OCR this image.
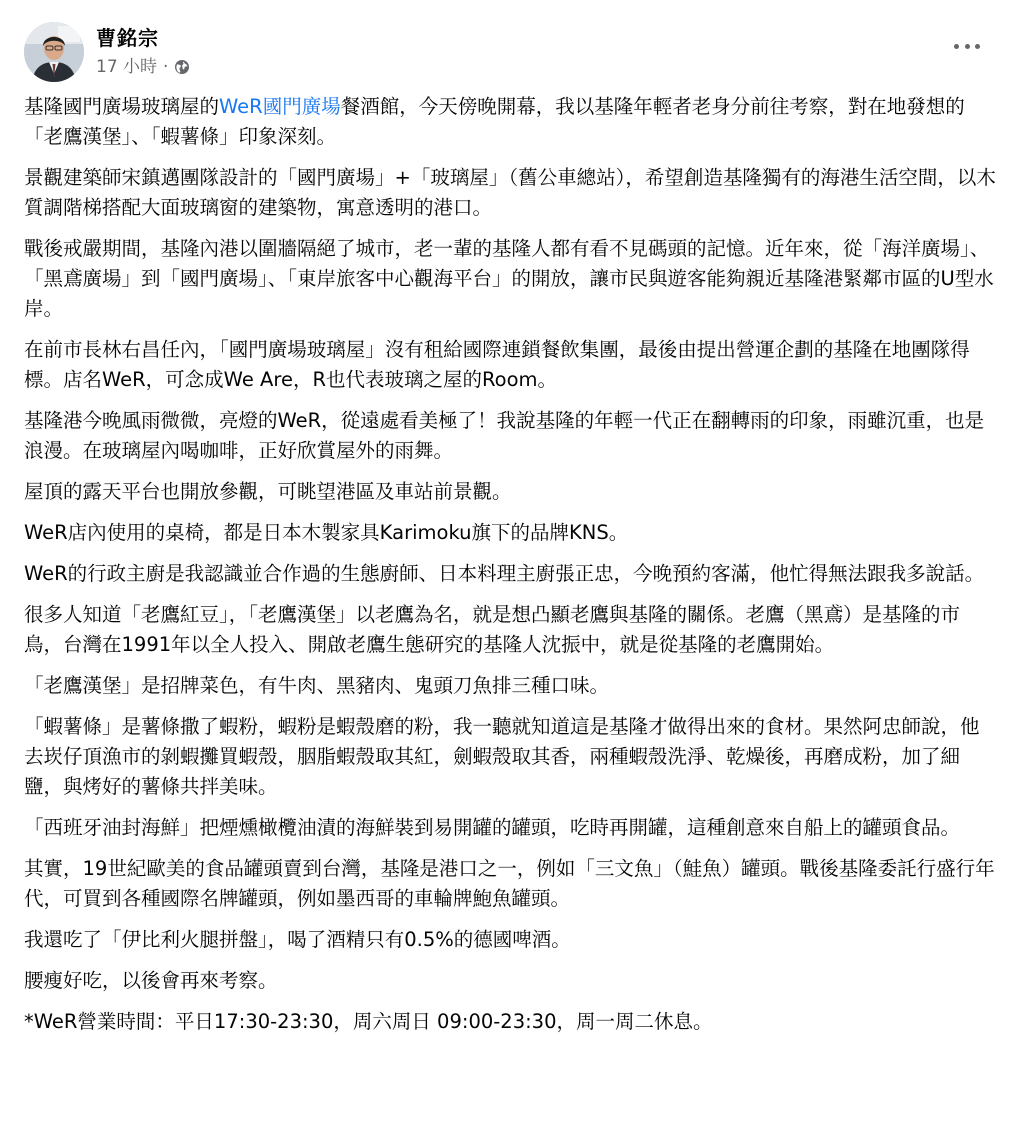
曹銘宗
17 小時 ·

基隆國門廣場玻璃屋的WeR國門廣場餐酒館，今天傍晚開幕，我以基隆年輕者老身分前往考察，對在地發想的「老鷹漢堡」、「蝦薯條」印象深刻。

景觀建築師宋鎮邁團隊設計的「國門廣場」+「玻璃屋」（舊公車總站），希望創造基隆獨有的海港生活空間，以木質調階梯搭配大面玻璃窗的建築物，寓意透明的港口。

戰後戒嚴期間，基隆內港以圍牆隔絕了城市，老一輩的基隆人都有看不見碼頭的記憶。近年來，從「海洋廣場」、「黑鳶廣場」到「國門廣場」、「東岸旅客中心觀海平台」的開放，讓市民與遊客能夠親近基隆港緊鄰市區的U型水岸。

在前市長林右昌任內，「國門廣場玻璃屋」沒有租給國際連鎖餐飲集團，最後由提出營運企劃的基隆在地團隊得標。店名WeR，可念成We Are，R也代表玻璃之屋的Room。

基隆港今晚風雨微微，亮燈的WeR，從遠處看美極了！我說基隆的年輕一代正在翻轉雨的印象，雨雖沉重，也是浪漫。在玻璃屋內喝咖啡，正好欣賞屋外的雨舞。

屋頂的露天平台也開放參觀，可眺望港區及車站前景觀。

WeR店內使用的桌椅，都是日本木製家具Karimoku旗下的品牌KNS。

WeR的行政主廚是我認識並合作過的生態廚師、日本料理主廚張正忠，今晚預約客滿，他忙得無法跟我多說話。

很多人知道「老鷹紅豆」，「老鷹漢堡」以老鷹為名，就是想凸顯老鷹與基隆的關係。老鷹（黑鳶）是基隆的市鳥，台灣在1991年以全人投入、開啟老鷹生態研究的基隆人沈振中，就是從基隆的老鷹開始。

「老鷹漢堡」是招牌菜色，有牛肉、黑豬肉、鬼頭刀魚排三種口味。

「蝦薯條」是薯條撒了蝦粉，蝦粉是蝦殼磨的粉，我一聽就知道這是基隆才做得出來的食材。果然阿忠師說，他去崁仔頂漁市的剝蝦攤買蝦殼，胭脂蝦殼取其紅，劍蝦殼取其香，兩種蝦殼洗淨、乾燥後，再磨成粉，加了細鹽，與烤好的薯條共拌美味。

「西班牙油封海鮮」把煙燻橄欖油漬的海鮮裝到易開罐的罐頭，吃時再開罐，這種創意來自船上的罐頭食品。

其實，19世紀歐美的食品罐頭賣到台灣，基隆是港口之一，例如「三文魚」（鮭魚）罐頭。戰後基隆委託行盛行年代，可買到各種國際名牌罐頭，例如墨西哥的車輪牌鮑魚罐頭。

我還吃了「伊比利火腿拼盤」，喝了酒精只有0.5%的德國啤酒。

腰瘦好吃，以後會再來考察。

*WeR營業時間：平日17:30-23:30，周六周日 09:00-23:30，周一周二休息。
